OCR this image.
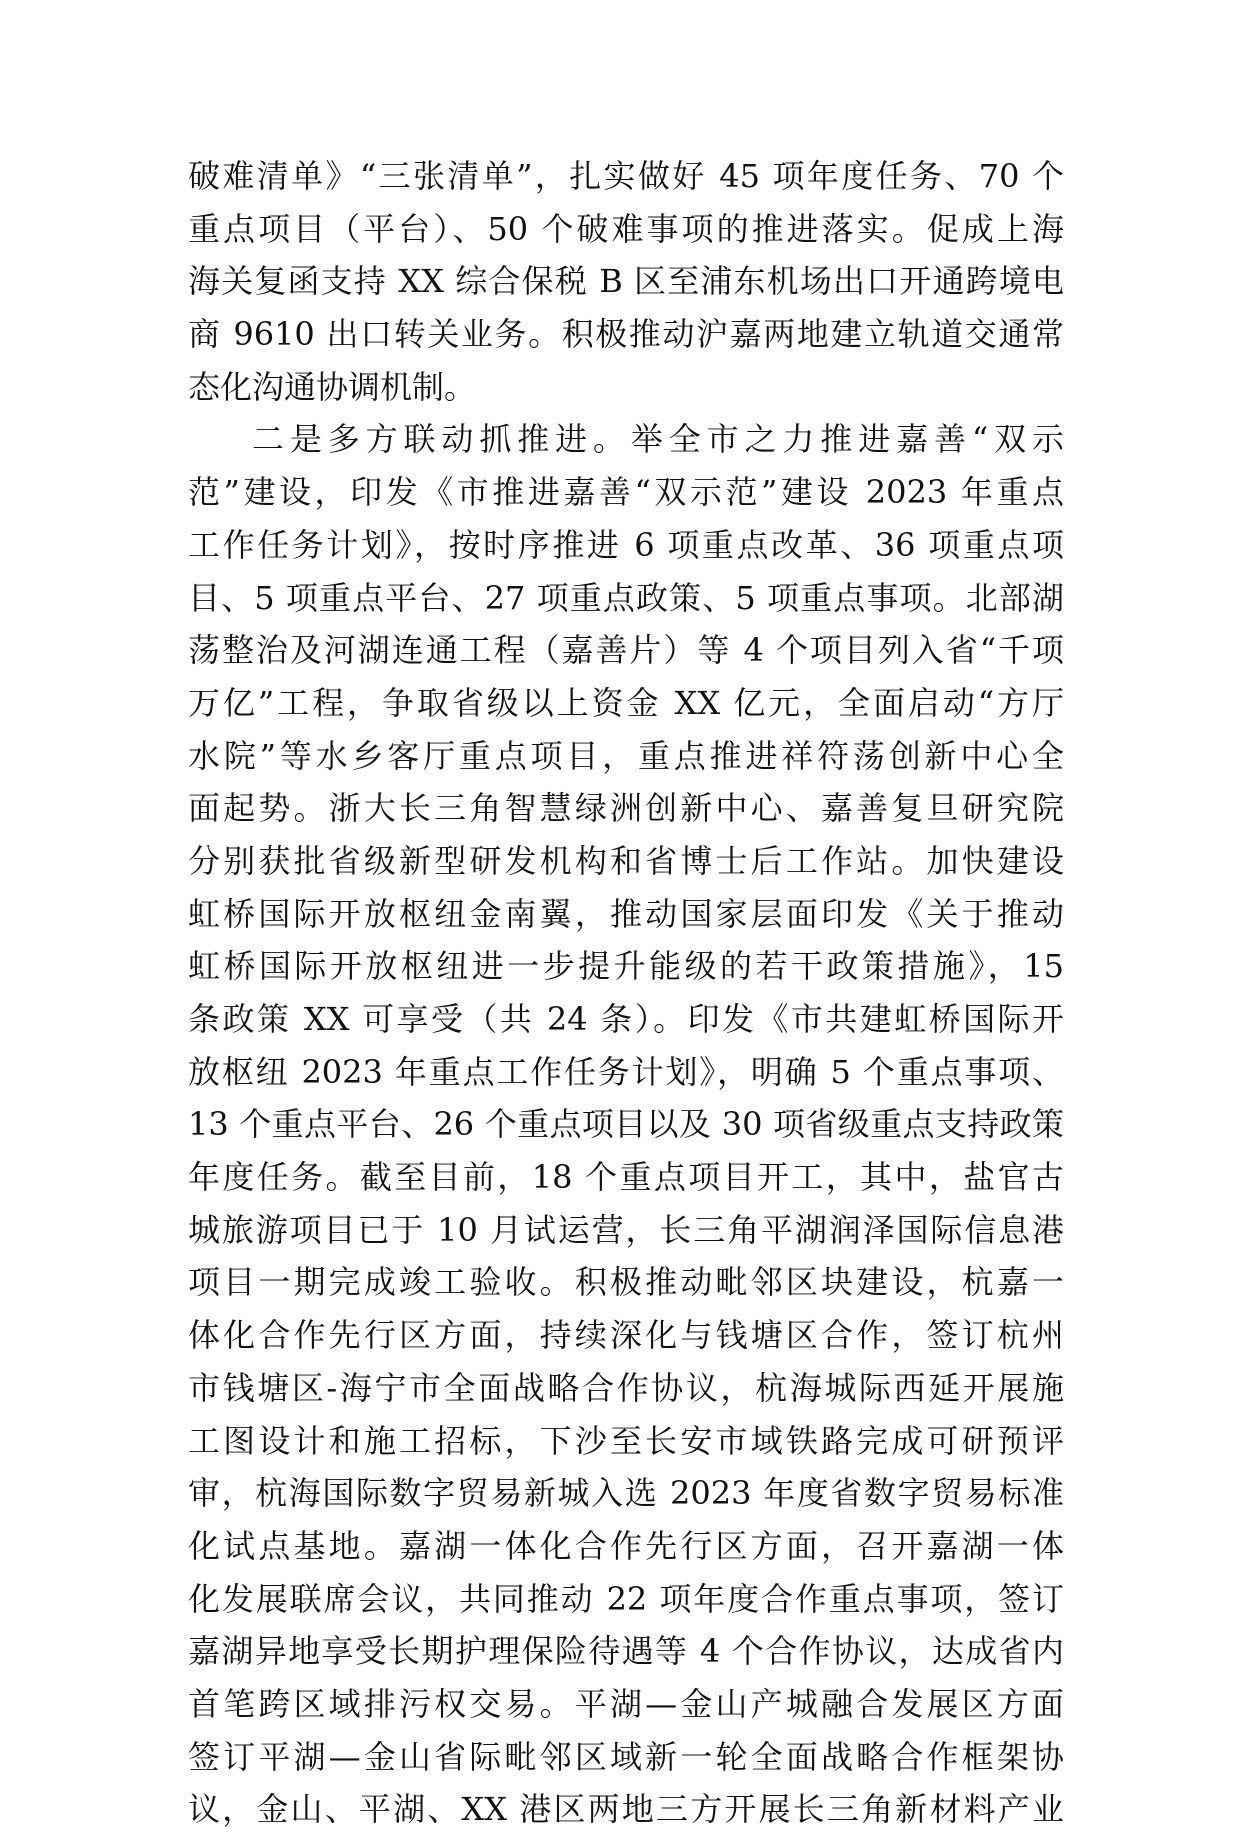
破难清单》“三张清单”，扎实做好 45 项年度任务、70 个
重点项目（平台）、50 个破难事项的推进落实。促成上海
海关复函支持 XX 综合保税 B 区至浦东机场出口开通跨境电
商 9610 出口转关业务。积极推动沪嘉两地建立轨道交通常
态化沟通协调机制。
二是多方联动抓推进。举全市之力推进嘉善“双示
范”建设，印发《市推进嘉善“双示范”建设 2023 年重点
工作任务计划》，按时序推进 6 项重点改革、36 项重点项
目、5 项重点平台、27 项重点政策、5 项重点事项。北部湖
荡整治及河湖连通工程（嘉善片）等 4 个项目列入省“千项
万亿”工程，争取省级以上资金 XX 亿元，全面启动“方厅
水院”等水乡客厅重点项目，重点推进祥符荡创新中心全
面起势。浙大长三角智慧绿洲创新中心、嘉善复旦研究院
分别获批省级新型研发机构和省博士后工作站。加快建设
虹桥国际开放枢纽金南翼，推动国家层面印发《关于推动
虹桥国际开放枢纽进一步提升能级的若干政策措施》，15
条政策 XX 可享受（共 24 条）。印发《市共建虹桥国际开
放枢纽 2023 年重点工作任务计划》，明确 5 个重点事项、
13 个重点平台、26 个重点项目以及 30 项省级重点支持政策
年度任务。截至目前，18 个重点项目开工，其中，盐官古
城旅游项目已于 10 月试运营，长三角平湖润泽国际信息港
项目一期完成竣工验收。积极推动毗邻区块建设，杭嘉一
体化合作先行区方面，持续深化与钱塘区合作，签订杭州
市钱塘区-海宁市全面战略合作协议，杭海城际西延开展施
工图设计和施工招标，下沙至长安市域铁路完成可研预评
审，杭海国际数字贸易新城入选 2023 年度省数字贸易标准
化试点基地。嘉湖一体化合作先行区方面，召开嘉湖一体
化发展联席会议，共同推动 22 项年度合作重点事项，签订
嘉湖异地享受长期护理保险待遇等 4 个合作协议，达成省内
首笔跨区域排污权交易。平湖—金山产城融合发展区方面
签订平湖—金山省际毗邻区域新一轮全面战略合作框架协
议，金山、平湖、XX 港区两地三方开展长三角新材料产业
